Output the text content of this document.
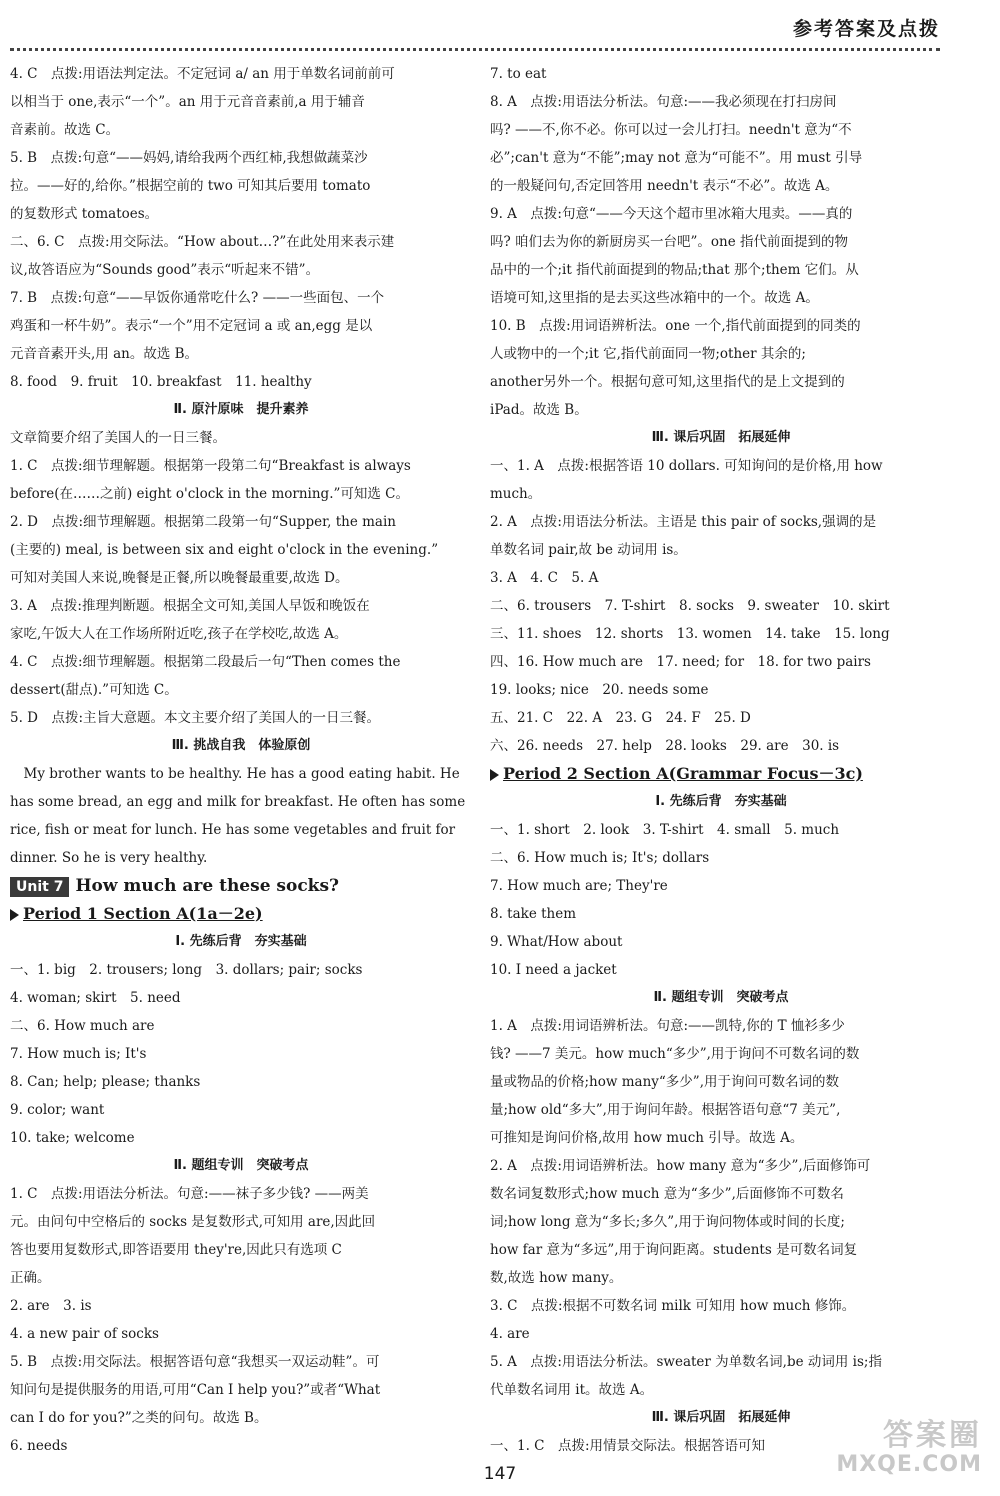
参考答案及点拨
4. C　点拨:用语法判定法。不定冠词 a/ an 用于单数名词前前可
以相当于 one,表示“一个”。an 用于元音音素前,a 用于辅音
音素前。故选 C。
5. B　点拨:句意“——妈妈,请给我两个西红柿,我想做蔬菜沙
拉。——好的,给你。”根据空前的 two 可知其后要用 tomato
的复数形式 tomatoes。
二、6. C　点拨:用交际法。“How about…?”在此处用来表示建
议,故答语应为“Sounds good”表示“听起来不错”。
7. B　点拨:句意“——早饭你通常吃什么? ——一些面包、一个
鸡蛋和一杯牛奶”。表示“一个”用不定冠词 a 或 an,egg 是以
元音音素开头,用 an。故选 B。
8. food　9. fruit　10. breakfast　11. healthy
Ⅱ. 原汁原味　提升素养
文章简要介绍了美国人的一日三餐。
1. C　点拨:细节理解题。根据第一段第二句“Breakfast is always
before(在……之前) eight o'clock in the morning.”可知选 C。
2. D　点拨:细节理解题。根据第二段第一句“Supper, the main
(主要的) meal, is between six and eight o'clock in the evening.”
可知对美国人来说,晚餐是正餐,所以晚餐最重要,故选 D。
3. A　点拨:推理判断题。根据全文可知,美国人早饭和晚饭在
家吃,午饭大人在工作场所附近吃,孩子在学校吃,故选 A。
4. C　点拨:细节理解题。根据第二段最后一句“Then comes the
dessert(甜点).”可知选 C。
5. D　点拨:主旨大意题。本文主要介绍了美国人的一日三餐。
Ⅲ. 挑战自我　体验原创
　My brother wants to be healthy. He has a good eating habit. He
has some bread, an egg and milk for breakfast. He often has some
rice, fish or meat for lunch. He has some vegetables and fruit for
dinner. So he is very healthy.
Unit 7 How much are these socks?
Period 1 Section A(1a－2e)
Ⅰ. 先练后背　夯实基础
一、1. big　2. trousers; long　3. dollars; pair; socks
4. woman; skirt　5. need
二、6. How much are
7. How much is; It's
8. Can; help; please; thanks
9. color; want
10. take; welcome
Ⅱ. 题组专训　突破考点
1. C　点拨:用语法分析法。句意:——袜子多少钱? ——两美
元。由问句中空格后的 socks 是复数形式,可知用 are,因此回
答也要用复数形式,即答语要用 they're,因此只有选项 C
正确。
2. are　3. is
4. a new pair of socks
5. B　点拨:用交际法。根据答语句意“我想买一双运动鞋”。可
知问句是提供服务的用语,可用“Can I help you?”或者“What
can I do for you?”之类的问句。故选 B。
6. needs
7. to eat
8. A　点拨:用语法分析法。句意:——我必须现在打扫房间
吗? ——不,你不必。你可以过一会儿打扫。needn't 意为“不
必”;can't 意为“不能”;may not 意为“可能不”。用 must 引导
的一般疑问句,否定回答用 needn't 表示“不必”。故选 A。
9. A　点拨:句意“——今天这个超市里冰箱大甩卖。——真的
吗? 咱们去为你的新厨房买一台吧”。one 指代前面提到的物
品中的一个;it 指代前面提到的物品;that 那个;them 它们。从
语境可知,这里指的是去买这些冰箱中的一个。故选 A。
10. B　点拨:用词语辨析法。one 一个,指代前面提到的同类的
人或物中的一个;it 它,指代前面同一物;other 其余的;
another另外一个。根据句意可知,这里指代的是上文提到的
iPad。故选 B。
Ⅲ. 课后巩固　拓展延伸
一、1. A　点拨:根据答语 10 dollars. 可知询问的是价格,用 how
much。
2. A　点拨:用语法分析法。主语是 this pair of socks,强调的是
单数名词 pair,故 be 动词用 is。
3. A　4. C　5. A
二、6. trousers　7. T-shirt　8. socks　9. sweater　10. skirt
三、11. shoes　12. shorts　13. women　14. take　15. long
四、16. How much are　17. need; for　18. for two pairs
19. looks; nice　20. needs some
五、21. C　22. A　23. G　24. F　25. D
六、26. needs　27. help　28. looks　29. are　30. is
Period 2 Section A(Grammar Focus－3c)
Ⅰ. 先练后背　夯实基础
一、1. short　2. look　3. T-shirt　4. small　5. much
二、6. How much is; It's; dollars
7. How much are; They're
8. take them
9. What/How about
10. I need a jacket
Ⅱ. 题组专训　突破考点
1. A　点拨:用词语辨析法。句意:——凯特,你的 T 恤衫多少
钱? ——7 美元。how much“多少”,用于询问不可数名词的数
量或物品的价格;how many“多少”,用于询问可数名词的数
量;how old“多大”,用于询问年龄。根据答语句意“7 美元”,
可推知是询问价格,故用 how much 引导。故选 A。
2. A　点拨:用词语辨析法。how many 意为“多少”,后面修饰可
数名词复数形式;how much 意为“多少”,后面修饰不可数名
词;how long 意为“多长;多久”,用于询问物体或时间的长度;
how far 意为“多远”,用于询问距离。students 是可数名词复
数,故选 how many。
3. C　点拨:根据不可数名词 milk 可知用 how much 修饰。
4. are
5. A　点拨:用语法分析法。sweater 为单数名词,be 动词用 is;指
代单数名词用 it。故选 A。
Ⅲ. 课后巩固　拓展延伸
一、1. C　点拨:用情景交际法。根据答语可知
147
答案圈
MXQE.COM
